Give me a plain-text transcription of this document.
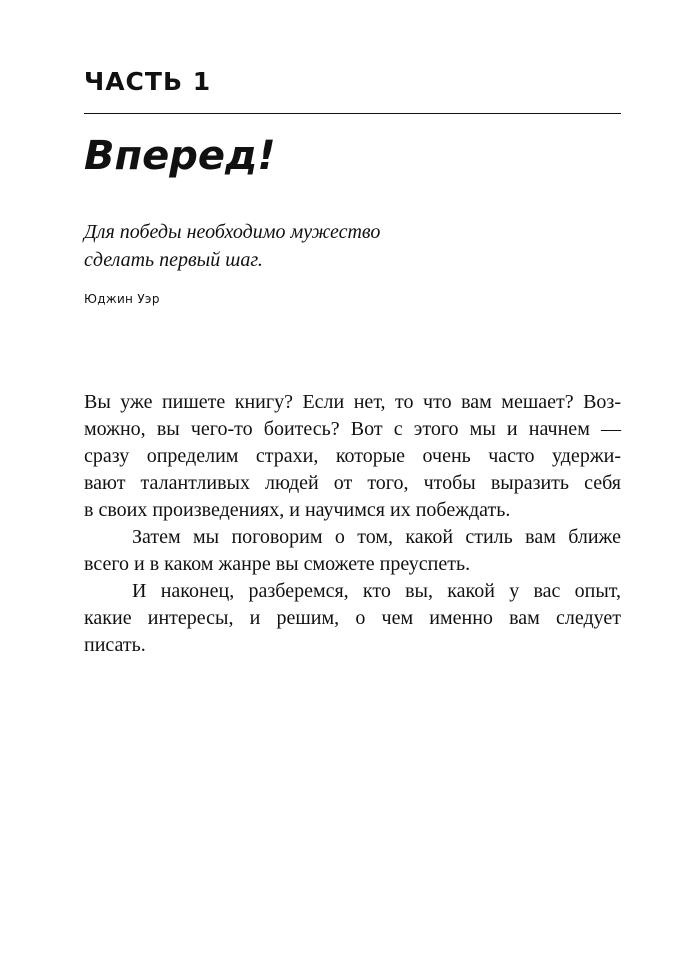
ЧАСТЬ 1
Вперед!
Для победы необходимо мужество
сделать первый шаг.
Юджин Уэр
Вы уже пишете книгу? Если нет, то что вам мешает? Воз-
можно, вы чего-то боитесь? Вот с этого мы и начнем —
сразу определим страхи, которые очень часто удержи-
вают талантливых людей от того, чтобы выразить себя
в своих произведениях, и научимся их побеждать.
Затем мы поговорим о том, какой стиль вам ближе
всего и в каком жанре вы сможете преуспеть.
И наконец, разберемся, кто вы, какой у вас опыт,
какие интересы, и решим, о чем именно вам следует
писать.
